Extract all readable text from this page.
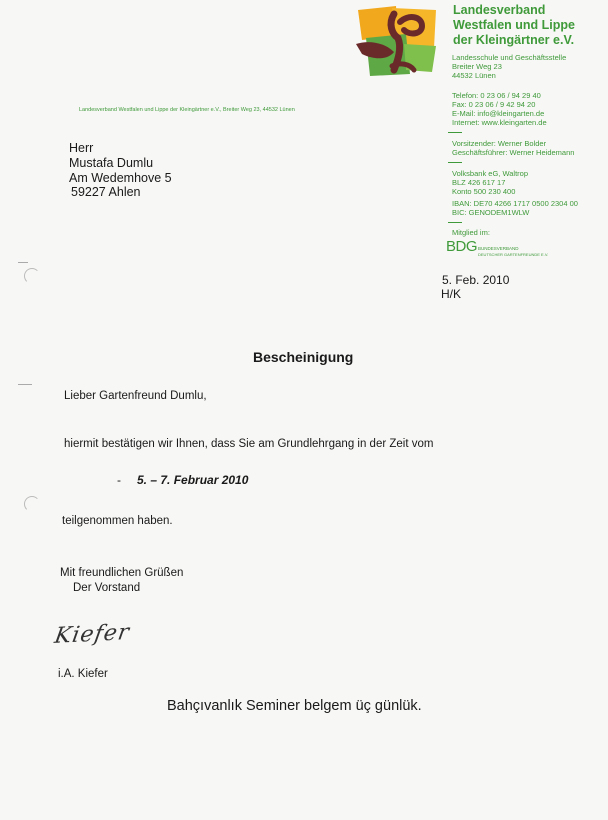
Landesverband
Westfalen und Lippe
der Kleingärtner e.V.
Landesschule und Geschäftsstelle
Breiter Weg 23
44532 Lünen
Telefon: 0 23 06 / 94 29 40
Fax: 0 23 06 / 9 42 94 20
E-Mail: info@kleingarten.de
Internet: www.kleingarten.de
Vorsitzender: Werner Bolder
Geschäftsführer: Werner Heidemann
Volksbank eG, Waltrop
BLZ 426 617 17
Konto 500 230 400
IBAN: DE70 4266 1717 0500 2304 00
BIC: GENODEM1WLW
Mitglied im:
BDG BUNDESVERBAND
DEUTSCHER GARTENFREUNDE E.V.
Landesverband Westfalen und Lippe der Kleingärtner e.V., Breiter Weg 23, 44532 Lünen
Herr
Mustafa Dumlu
Am Wedemhove 5
59227 Ahlen
5. Feb. 2010
H/K
Bescheinigung
Lieber Gartenfreund Dumlu,
hiermit bestätigen wir Ihnen, dass Sie am Grundlehrgang in der Zeit vom
- 5. – 7. Februar 2010
teilgenommen haben.
Mit freundlichen Grüßen
Der Vorstand
Kiefer
i.A. Kiefer
Bahçıvanlık Seminer belgem üç günlük.
